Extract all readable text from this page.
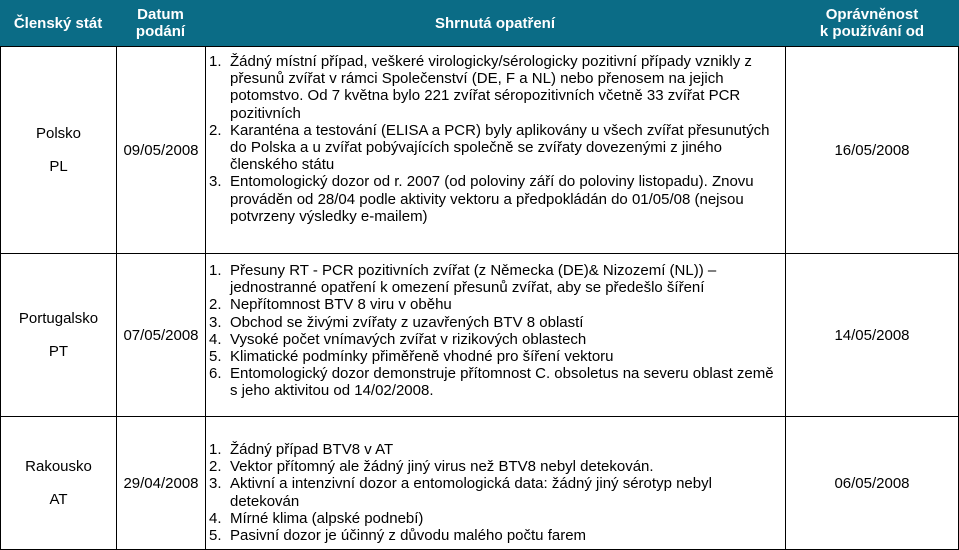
Členský stát Datum
podání	Shrnutá opatření	Oprávněnost
k používání od
Polsko
PL
09/05/2008
1. Žádný místní případ, veškeré virologicky/sérologicky pozitivní případy vznikly z přesunů zvířat v rámci Společenství (DE, F a NL) nebo přenosem na jejich potomstvo. Od 7 května bylo 221 zvířat séropozitivních včetně 33 zvířat PCR pozitivních
2. Karanténa a testování (ELISA a PCR) byly aplikovány u všech zvířat přesunutých do Polska a u zvířat pobývajících společně se zvířaty dovezenými z jiného členského státu
3. Entomologický dozor od r. 2007 (od poloviny září do poloviny listopadu). Znovu prováděn od 28/04 podle aktivity vektoru a předpokládán do 01/05/08 (nejsou potvrzeny výsledky e-mailem)
16/05/2008
Portugalsko
PT
07/05/2008
1. Přesuny RT - PCR pozitivních zvířat (z Německa (DE)& Nizozemí (NL)) – jednostranné opatření k omezení přesunů zvířat, aby se předešlo šíření
2. Nepřítomnost BTV 8 viru v oběhu
3. Obchod se živými zvířaty z uzavřených BTV 8 oblastí
4. Vysoké počet vnímavých zvířat v rizikových oblastech
5. Klimatické podmínky přiměřeně vhodné pro šíření vektoru
6. Entomologický dozor demonstruje přítomnost C. obsoletus na severu oblast země s jeho aktivitou od 14/02/2008.
14/05/2008
Rakousko
AT
29/04/2008
1. Žádný případ BTV8 v AT
2. Vektor přítomný ale žádný jiný virus než BTV8 nebyl detekován.
3. Aktivní a intenzivní dozor a entomologická data: žádný jiný sérotyp nebyl detekován
4. Mírné klima (alpské podnebí)
5. Pasivní dozor je účinný z důvodu malého počtu farem
06/05/2008
